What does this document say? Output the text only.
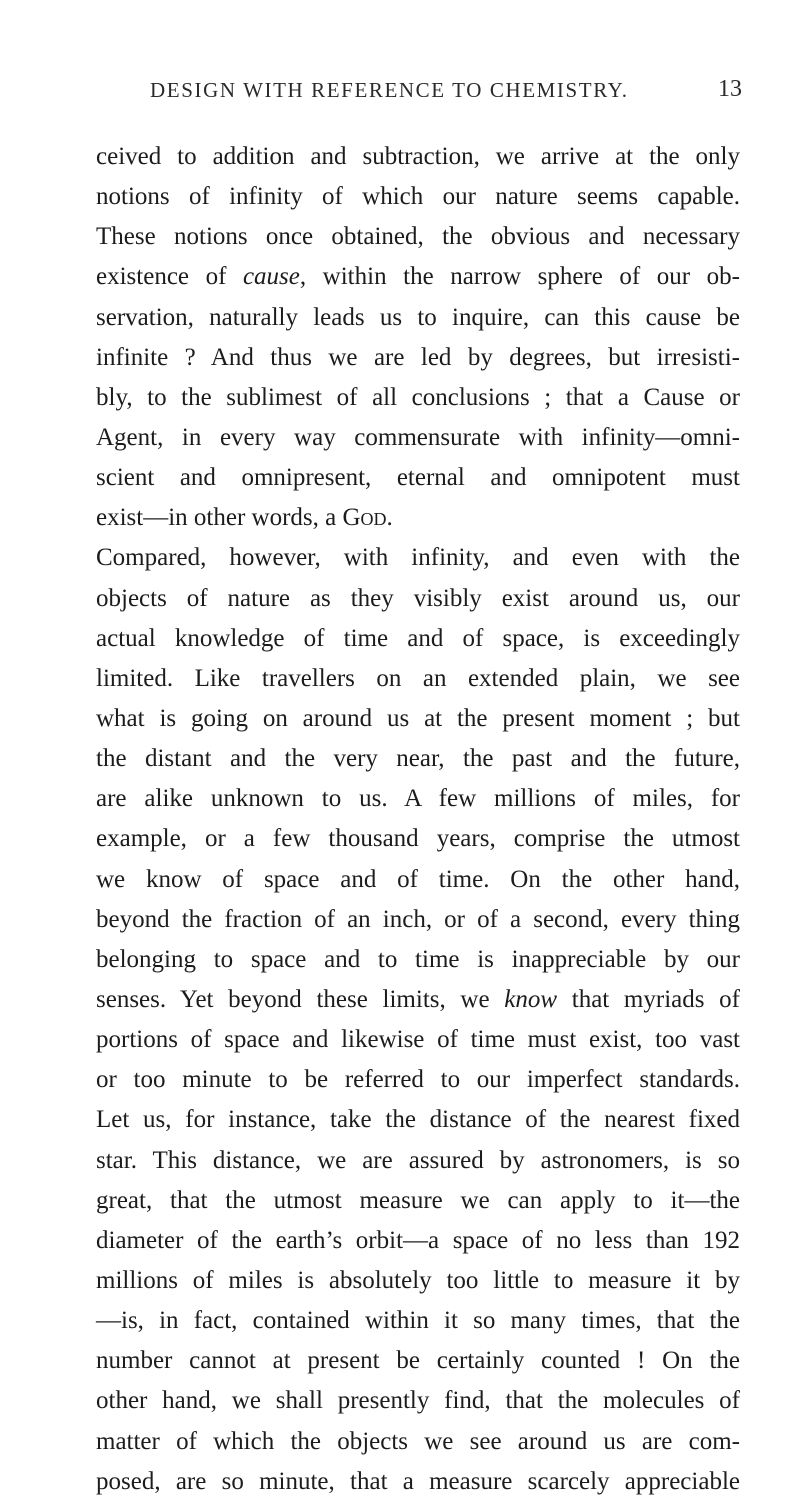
DESIGN WITH REFERENCE TO CHEMISTRY.	13
ceived to addition and subtraction, we arrive at the only
notions of infinity of which our nature seems capable.
These notions once obtained, the obvious and necessary
existence of cause, within the narrow sphere of our ob-
servation, naturally leads us to inquire, can this cause be
infinite ? And thus we are led by degrees, but irresisti-
bly, to the sublimest of all conclusions ; that a Cause or
Agent, in every way commensurate with infinity—omni-
scient and omnipresent, eternal and omnipotent must
exist—in other words, a God.
Compared, however, with infinity, and even with the
objects of nature as they visibly exist around us, our
actual knowledge of time and of space, is exceedingly
limited. Like travellers on an extended plain, we see
what is going on around us at the present moment ; but
the distant and the very near, the past and the future,
are alike unknown to us. A few millions of miles, for
example, or a few thousand years, comprise the utmost
we know of space and of time. On the other hand,
beyond the fraction of an inch, or of a second, every thing
belonging to space and to time is inappreciable by our
senses. Yet beyond these limits, we know that myriads of
portions of space and likewise of time must exist, too vast
or too minute to be referred to our imperfect standards.
Let us, for instance, take the distance of the nearest fixed
star. This distance, we are assured by astronomers, is so
great, that the utmost measure we can apply to it—the
diameter of the earth’s orbit—a space of no less than 192
millions of miles is absolutely too little to measure it by
—is, in fact, contained within it so many times, that the
number cannot at present be certainly counted ! On the
other hand, we shall presently find, that the molecules of
matter of which the objects we see around us are com-
posed, are so minute, that a measure scarcely appreciable
